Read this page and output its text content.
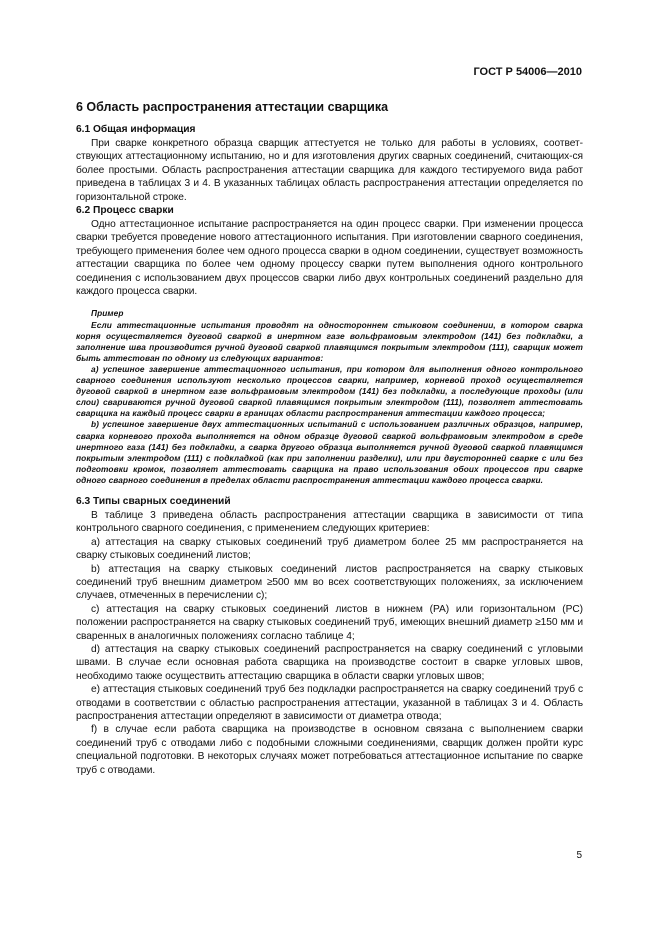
ГОСТ Р 54006—2010
6 Область распространения аттестации сварщика
6.1 Общая информация

При сварке конкретного образца сварщик аттестуется не только для работы в условиях, соответ-ствующих аттестационному испытанию, но и для изготовления других сварных соединений, считающих-ся более простыми. Область распространения аттестации сварщика для каждого тестируемого вида работ приведена в таблицах 3 и 4. В указанных таблицах область распространения аттестации определяется по горизонтальной строке.

6.2 Процесс сварки

Одно аттестационное испытание распространяется на один процесс сварки. При изменении процесса сварки требуется проведение нового аттестационного испытания. При изготовлении сварного соединения, требующего применения более чем одного процесса сварки в одном соединении, существует возможность аттестации сварщика по более чем одному процессу сварки путем выполнения одного контрольного соединения с использованием двух процессов сварки либо двух контрольных соединений раздельно для каждого процесса сварки.

Пример
Если аттестационные испытания проводят на одностороннем стыковом соединении, в котором сварка корня осуществляется дуговой сваркой в инертном газе вольфрамовым электродом (141) без подкладки, а заполнение шва производится ручной дуговой сваркой плавящимся покрытым электродом (111), сварщик может быть аттестован по одному из следующих вариантов:
а) успешное завершение аттестационного испытания, при котором для выполнения одного контрольного сварного соединения используют несколько процессов сварки, например, корневой проход осуществляется дуговой сваркой в инертном газе вольфрамовым электродом (141) без подкладки, а последующие проходы (или слои) свариваются ручной дуговой сваркой плавящимся покрытым электродом (111), позволяет аттестовать сварщика на каждый процесс сварки в границах области распространения аттестации каждого процесса;
b) успешное завершение двух аттестационных испытаний с использованием различных образцов, например, сварка корневого прохода выполняется на одном образце дуговой сваркой вольфрамовым электродом в среде инертного газа (141) без подкладки, а сварка другого образца выполняется ручной дуговой сваркой плавящимся покрытым электродом (111) с подкладкой (как при заполнении разделки), или при двусторонней сварке с или без подготовки кромок, позволяет аттестовать сварщика на право использования обоих процессов при сварке одного сварного соединения в пределах области распространения аттестации каждого процесса сварки.
6.3 Типы сварных соединений

В таблице 3 приведена область распространения аттестации сварщика в зависимости от типа контрольного сварного соединения, с применением следующих критериев:

а) аттестация на сварку стыковых соединений труб диаметром более 25 мм распространяется на сварку стыковых соединений листов;

b) аттестация на сварку стыковых соединений листов распространяется на сварку стыковых соединений труб внешним диаметром ≥500 мм во всех соответствующих положениях, за исключением случаев, отмеченных в перечислении с);

c) аттестация на сварку стыковых соединений листов в нижнем (PA) или горизонтальном (PC) положении распространяется на сварку стыковых соединений труб, имеющих внешний диаметр ≥150 мм и сваренных в аналогичных положениях согласно таблице 4;

d) аттестация на сварку стыковых соединений распространяется на сварку соединений с угловыми швами. В случае если основная работа сварщика на производстве состоит в сварке угловых швов, необходимо также осуществить аттестацию сварщика в области сварки угловых швов;

e) аттестация стыковых соединений труб без подкладки распространяется на сварку соединений труб с отводами в соответствии с областью распространения аттестации, указанной в таблицах 3 и 4. Область распространения аттестации определяют в зависимости от диаметра отвода;

f) в случае если работа сварщика на производстве в основном связана с выполнением сварки соединений труб с отводами либо с подобными сложными соединениями, сварщик должен пройти курс специальной подготовки. В некоторых случаях может потребоваться аттестационное испытание по сварке труб с отводами.

5
